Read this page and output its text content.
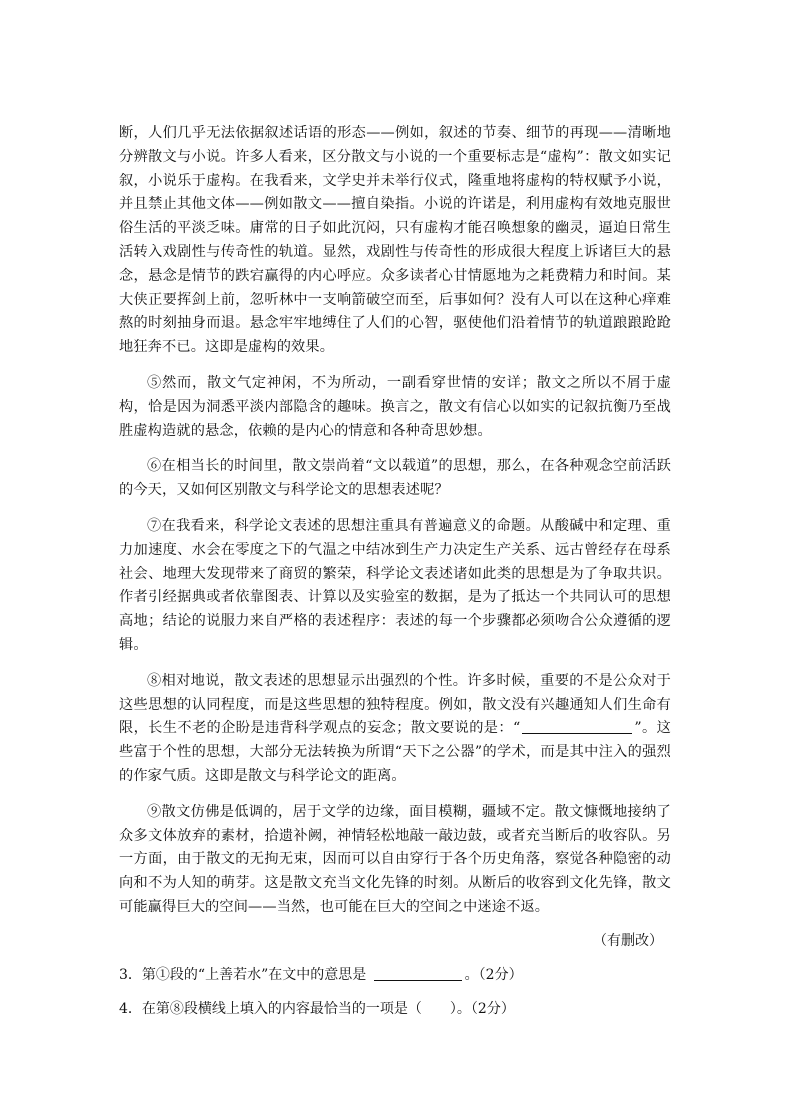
断，人们几乎无法依据叙述话语的形态——例如，叙述的节奏、细节的再现——清晰地分辨散文与小说。许多人看来，区分散文与小说的一个重要标志是“虚构”：散文如实记叙，小说乐于虚构。在我看来，文学史并未举行仪式，隆重地将虚构的特权赋予小说，并且禁止其他文体——例如散文——擅自染指。小说的许诺是，利用虚构有效地克服世俗生活的平淡乏味。庸常的日子如此沉闷，只有虚构才能召唤想象的幽灵，逼迫日常生活转入戏剧性与传奇性的轨道。显然，戏剧性与传奇性的形成很大程度上诉诸巨大的悬念，悬念是情节的跌宕赢得的内心呼应。众多读者心甘情愿地为之耗费精力和时间。某大侠正要挥剑上前，忽听林中一支响箭破空而至，后事如何？没有人可以在这种心痒难熬的时刻抽身而退。悬念牢牢地缚住了人们的心智，驱使他们沿着情节的轨道踉踉跄跄地狂奔不已。这即是虚构的效果。

⑤然而，散文气定神闲，不为所动，一副看穿世情的安详；散文之所以不屑于虚构，恰是因为洞悉平淡内部隐含的趣味。换言之，散文有信心以如实的记叙抗衡乃至战胜虚构造就的悬念，依赖的是内心的情意和各种奇思妙想。

⑥在相当长的时间里，散文崇尚着“文以载道”的思想，那么，在各种观念空前活跃的今天，又如何区别散文与科学论文的思想表述呢？

⑦在我看来，科学论文表述的思想注重具有普遍意义的命题。从酸碱中和定理、重力加速度、水会在零度之下的气温之中结冰到生产力决定生产关系、远古曾经存在母系社会、地理大发现带来了商贸的繁荣，科学论文表述诸如此类的思想是为了争取共识。作者引经据典或者依靠图表、计算以及实验室的数据，是为了抵达一个共同认可的思想高地；结论的说服力来自严格的表述程序：表述的每一个步骤都必须吻合公众遵循的逻辑。

⑧相对地说，散文表述的思想显示出强烈的个性。许多时候，重要的不是公众对于这些思想的认同程度，而是这些思想的独特程度。例如，散文没有兴趣通知人们生命有限，长生不老的企盼是违背科学观点的妄念；散文要说的是：“	”。这些富于个性的思想，大部分无法转换为所谓“天下之公器”的学术，而是其中注入的强烈的作家气质。这即是散文与科学论文的距离。

⑨散文仿佛是低调的，居于文学的边缘，面目模糊，疆域不定。散文慷慨地接纳了众多文体放弃的素材，拾遗补阙，神情轻松地敲一敲边鼓，或者充当断后的收容队。另一方面，由于散文的无拘无束，因而可以自由穿行于各个历史角落，察觉各种隐密的动向和不为人知的萌芽。这是散文充当文化先锋的时刻。从断后的收容到文化先锋，散文可能赢得巨大的空间——当然，也可能在巨大的空间之中迷途不返。

（有删改）

3．第①段的“上善若水”在文中的意思是	。（2分）

4．在第⑧段横线上填入的内容最恰当的一项是（　　）。（2分）
